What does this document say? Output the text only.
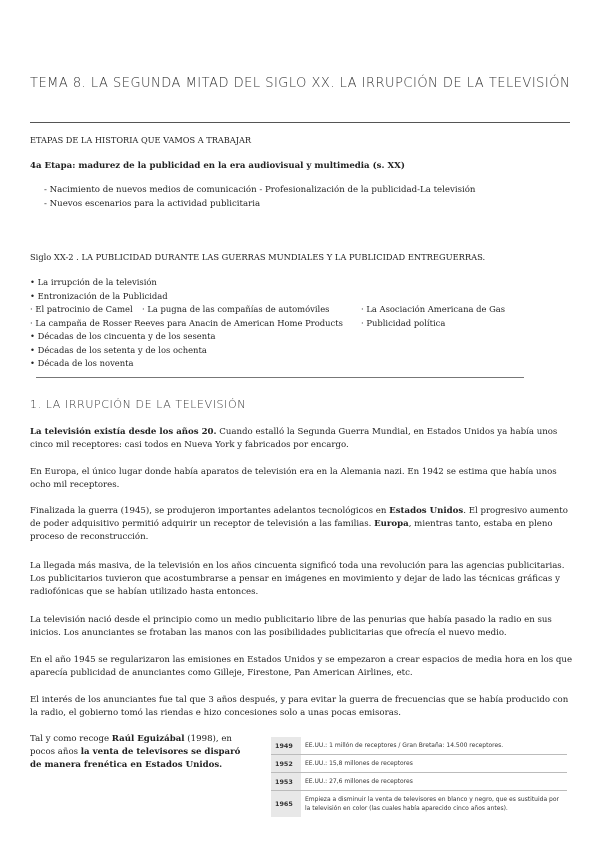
TEMA 8. LA SEGUNDA MITAD DEL SIGLO XX. LA IRRUPCIÓN DE LA TELEVISIÓN
ETAPAS DE LA HISTORIA QUE VAMOS A TRABAJAR
4a Etapa: madurez de la publicidad en la era audiovisual y multimedia (s. XX)
- Nacimiento de nuevos medios de comunicación - Profesionalización de la publicidad-La televisión
- Nuevos escenarios para la actividad publicitaria
Siglo XX-2 . LA PUBLICIDAD DURANTE LAS GUERRAS MUNDIALES Y LA PUBLICIDAD ENTREGUERRAS.
• La irrupción de la televisión
• Entronización de la Publicidad
· El patrocinio de Camel · La pugna de las compañías de automóviles	· La Asociación Americana de Gas
· La campaña de Rosser Reeves para Anacin de American Home Products · Publicidad política
• Décadas de los cincuenta y de los sesenta
• Décadas de los setenta y de los ochenta
• Década de los noventa
1. LA IRRUPCIÓN DE LA TELEVISIÓN
La televisión existía desde los años 20. Cuando estalló la Segunda Guerra Mundial, en Estados Unidos ya había unos cinco mil receptores: casi todos en Nueva York y fabricados por encargo.
En Europa, el único lugar donde había aparatos de televisión era en la Alemania nazi. En 1942 se estima que había unos ocho mil receptores.
Finalizada la guerra (1945), se produjeron importantes adelantos tecnológicos en Estados Unidos. El progresivo aumento de poder adquisitivo permitió adquirir un receptor de televisión a las familias. Europa, mientras tanto, estaba en pleno proceso de reconstrucción.
La llegada más masiva, de la televisión en los años cincuenta significó toda una revolución para las agencias publicitarias. Los publicitarios tuvieron que acostumbrarse a pensar en imágenes en movimiento y dejar de lado las técnicas gráficas y radiofónicas que se habían utilizado hasta entonces.
La televisión nació desde el principio como un medio publicitario libre de las penurias que había pasado la radio en sus inicios. Los anunciantes se frotaban las manos con las posibilidades publicitarias que ofrecía el nuevo medio.
En el año 1945 se regularizaron las emisiones en Estados Unidos y se empezaron a crear espacios de media hora en los que aparecía publicidad de anunciantes como Gilleje, Firestone, Pan American Airlines, etc.
El interés de los anunciantes fue tal que 3 años después, y para evitar la guerra de frecuencias que se había producido con la radio, el gobierno tomó las riendas e hizo concesiones solo a unas pocas emisoras.
Tal y como recoge Raúl Eguizábal (1998), en pocos años la venta de televisores se disparó de manera frenética en Estados Unidos.
1949	EE.UU.: 1 millón de receptores / Gran Bretaña: 14.500 receptores.
1952	EE.UU.: 15,8 millones de receptores
1953	EE.UU.: 27,6 millones de receptores
1965	Empieza a disminuir la venta de televisores en blanco y negro, que es sustituida por la televisión en color (las cuales había aparecido cinco años antes).
